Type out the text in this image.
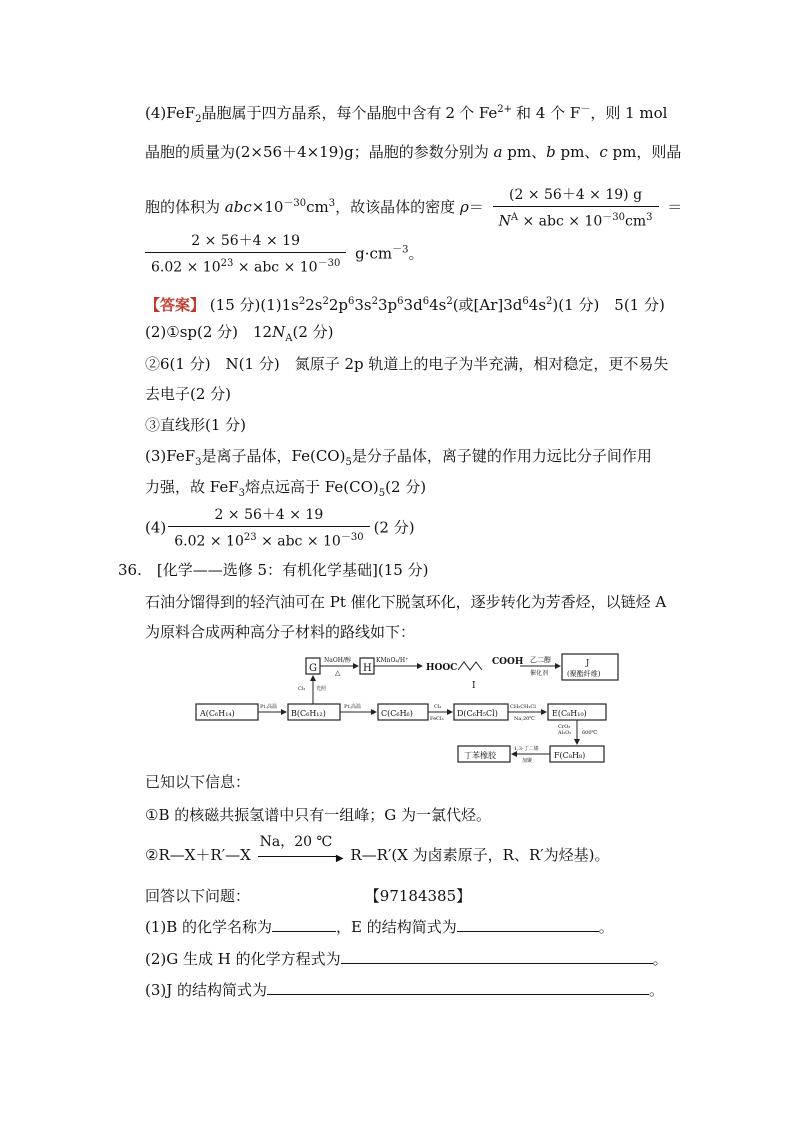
(4)FeF$_2$晶胞属于四方晶系，每个晶胞中含有 2 个 $Fe^{2+}$ 和 4 个 F－，则 1 mol
晶胞的质量为(2×56＋4×19)g；晶胞的参数分别为 a pm、b pm、c pm，则晶
胞的体积为 $abc\times 10^{-30}cm^3$，故该晶体的密度 $\rho= \frac{(2 \times 56+4 \times 19) g}{N^A \times abc \times 10^{-30}cm^3}$ ＝
$\frac{2 \times 56+4 \times 19}{6.02 \times 10^{23} \times abc \times 10^{-30}} g\cdot cm^{-3}$。
【答案】 (15 分)$(1)1s^22s^22p^63s^23p^63d^64s^2$(或$[Ar]3d^64s^2)(1$ 分)　5(1 分)
(2)①sp(2 分)　$12N_A(2$ 分)
②6(1 分)　N(1 分)　氮原子 2p 轨道上的电子为半充满，相对稳定，更不易失
去电子(2 分)
③直线形(1 分)
(3)FeF$_3$是离子晶体，$Fe(CO)_5$是分子晶体，离子键的作用力远比分子间作用
力强，故 FeF$_3$熔点远高于 $Fe(CO)_5(2$ 分)
$(4) \frac{2 \times 56+4 \times 19}{6.02 \times 10^{23} \times abc \times 10^{-30}} (2$ 分)
36.　[化学——选修 5：有机化学基础](15 分)
石油分馏得到的轻汽油可在 Pt 催化下脱氢环化，逐步转化为芳香烃，以链烃 A
为原料合成两种高分子材料的路线如下：
G
NaOH/醇
△ H
KMnO₄/H⁺
HOOC
COOH
I
乙二醇
催化剂
J
(聚酯纤维)
Cl₂ 光照
A(C₆H₁₄)
Pt,高温
B(C₆H₁₂)
Pt,高温
C(C₆H₆)
Cl₂
FeCl₃
D(C₆H₅Cl)
CH₃CH₂Cl
Na,20℃
E(C₈H₁₀)
CrO₃
Al₂O₃ 600℃
F(C₈H₈)
1,3-丁二烯
加聚
丁苯橡胶
已知以下信息：
①B 的核磁共振氢谱中只有一组峰；G 为一氯代烃。
②R—X＋R′—X
Na，20 ℃
▶ R—R′(X 为卤素原子，R、R′为烃基)。
回答以下问题：	【97184385】
(1)B 的化学名称为	，E 的结构简式为	。
(2)G 生成 H 的化学方程式为	。
(3)J 的结构简式为	。
